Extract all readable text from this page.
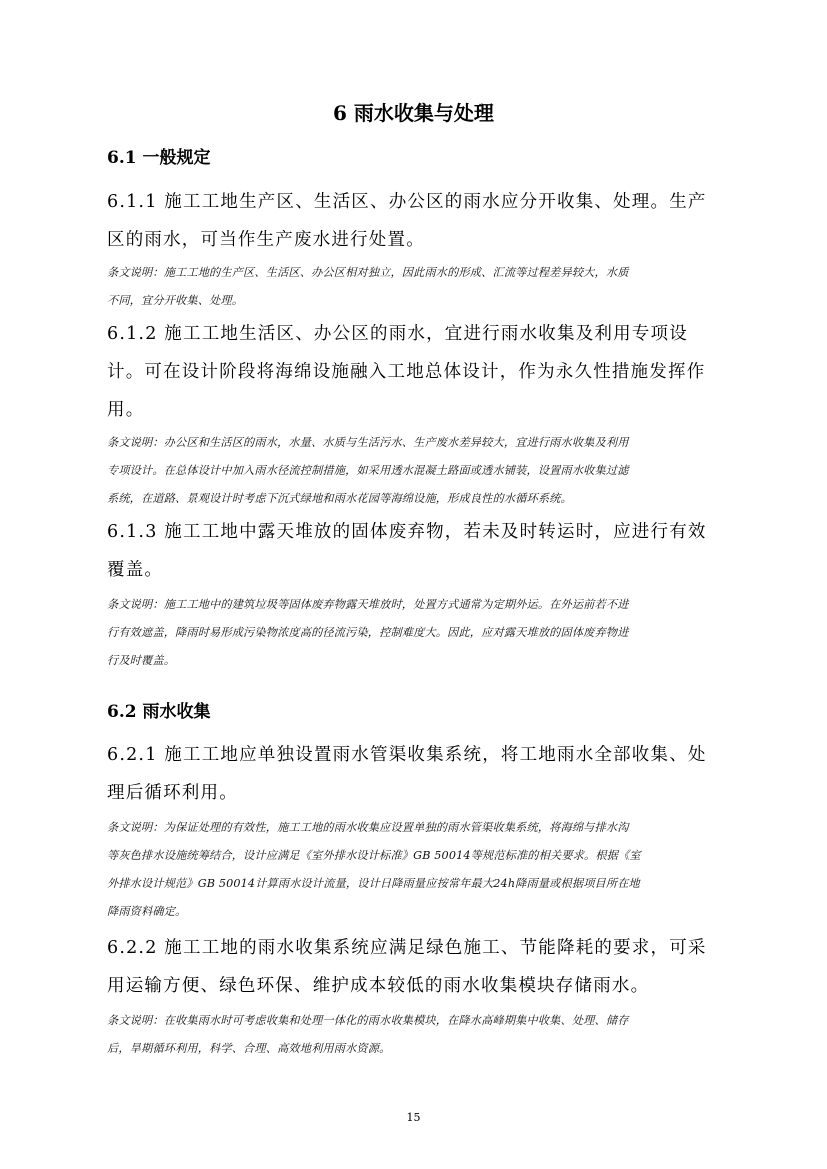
6 雨水收集与处理
6.1 一般规定

6.1.1 施工工地生产区、生活区、办公区的雨水应分开收集、处理。生产

区的雨水，可当作生产废水进行处置。

条文说明：施工工地的生产区、生活区、办公区相对独立，因此雨水的形成、汇流等过程差异较大，水质

不同，宜分开收集、处理。

6.1.2 施工工地生活区、办公区的雨水，宜进行雨水收集及利用专项设

计。可在设计阶段将海绵设施融入工地总体设计，作为永久性措施发挥作

用。

条文说明：办公区和生活区的雨水，水量、水质与生活污水、生产废水差异较大，宜进行雨水收集及利用

专项设计。在总体设计中加入雨水径流控制措施，如采用透水混凝土路面或透水铺装，设置雨水收集过滤

系统，在道路、景观设计时考虑下沉式绿地和雨水花园等海绵设施，形成良性的水循环系统。

6.1.3 施工工地中露天堆放的固体废弃物，若未及时转运时，应进行有效

覆盖。

条文说明：施工工地中的建筑垃圾等固体废弃物露天堆放时，处置方式通常为定期外运。在外运前若不进

行有效遮盖，降雨时易形成污染物浓度高的径流污染，控制难度大。因此，应对露天堆放的固体废弃物进

行及时覆盖。

6.2 雨水收集

6.2.1 施工工地应单独设置雨水管渠收集系统，将工地雨水全部收集、处

理后循环利用。

条文说明：为保证处理的有效性，施工工地的雨水收集应设置单独的雨水管渠收集系统，将海绵与排水沟

等灰色排水设施统筹结合，设计应满足《室外排水设计标准》GB 50014等规范标准的相关要求。根据《室

外排水设计规范》GB 50014计算雨水设计流量，设计日降雨量应按常年最大24h降雨量或根据项目所在地

降雨资料确定。

6.2.2 施工工地的雨水收集系统应满足绿色施工、节能降耗的要求，可采

用运输方便、绿色环保、维护成本较低的雨水收集模块存储雨水。

条文说明：在收集雨水时可考虑收集和处理一体化的雨水收集模块，在降水高峰期集中收集、处理、储存

后，旱期循环利用，科学、合理、高效地利用雨水资源。

15
